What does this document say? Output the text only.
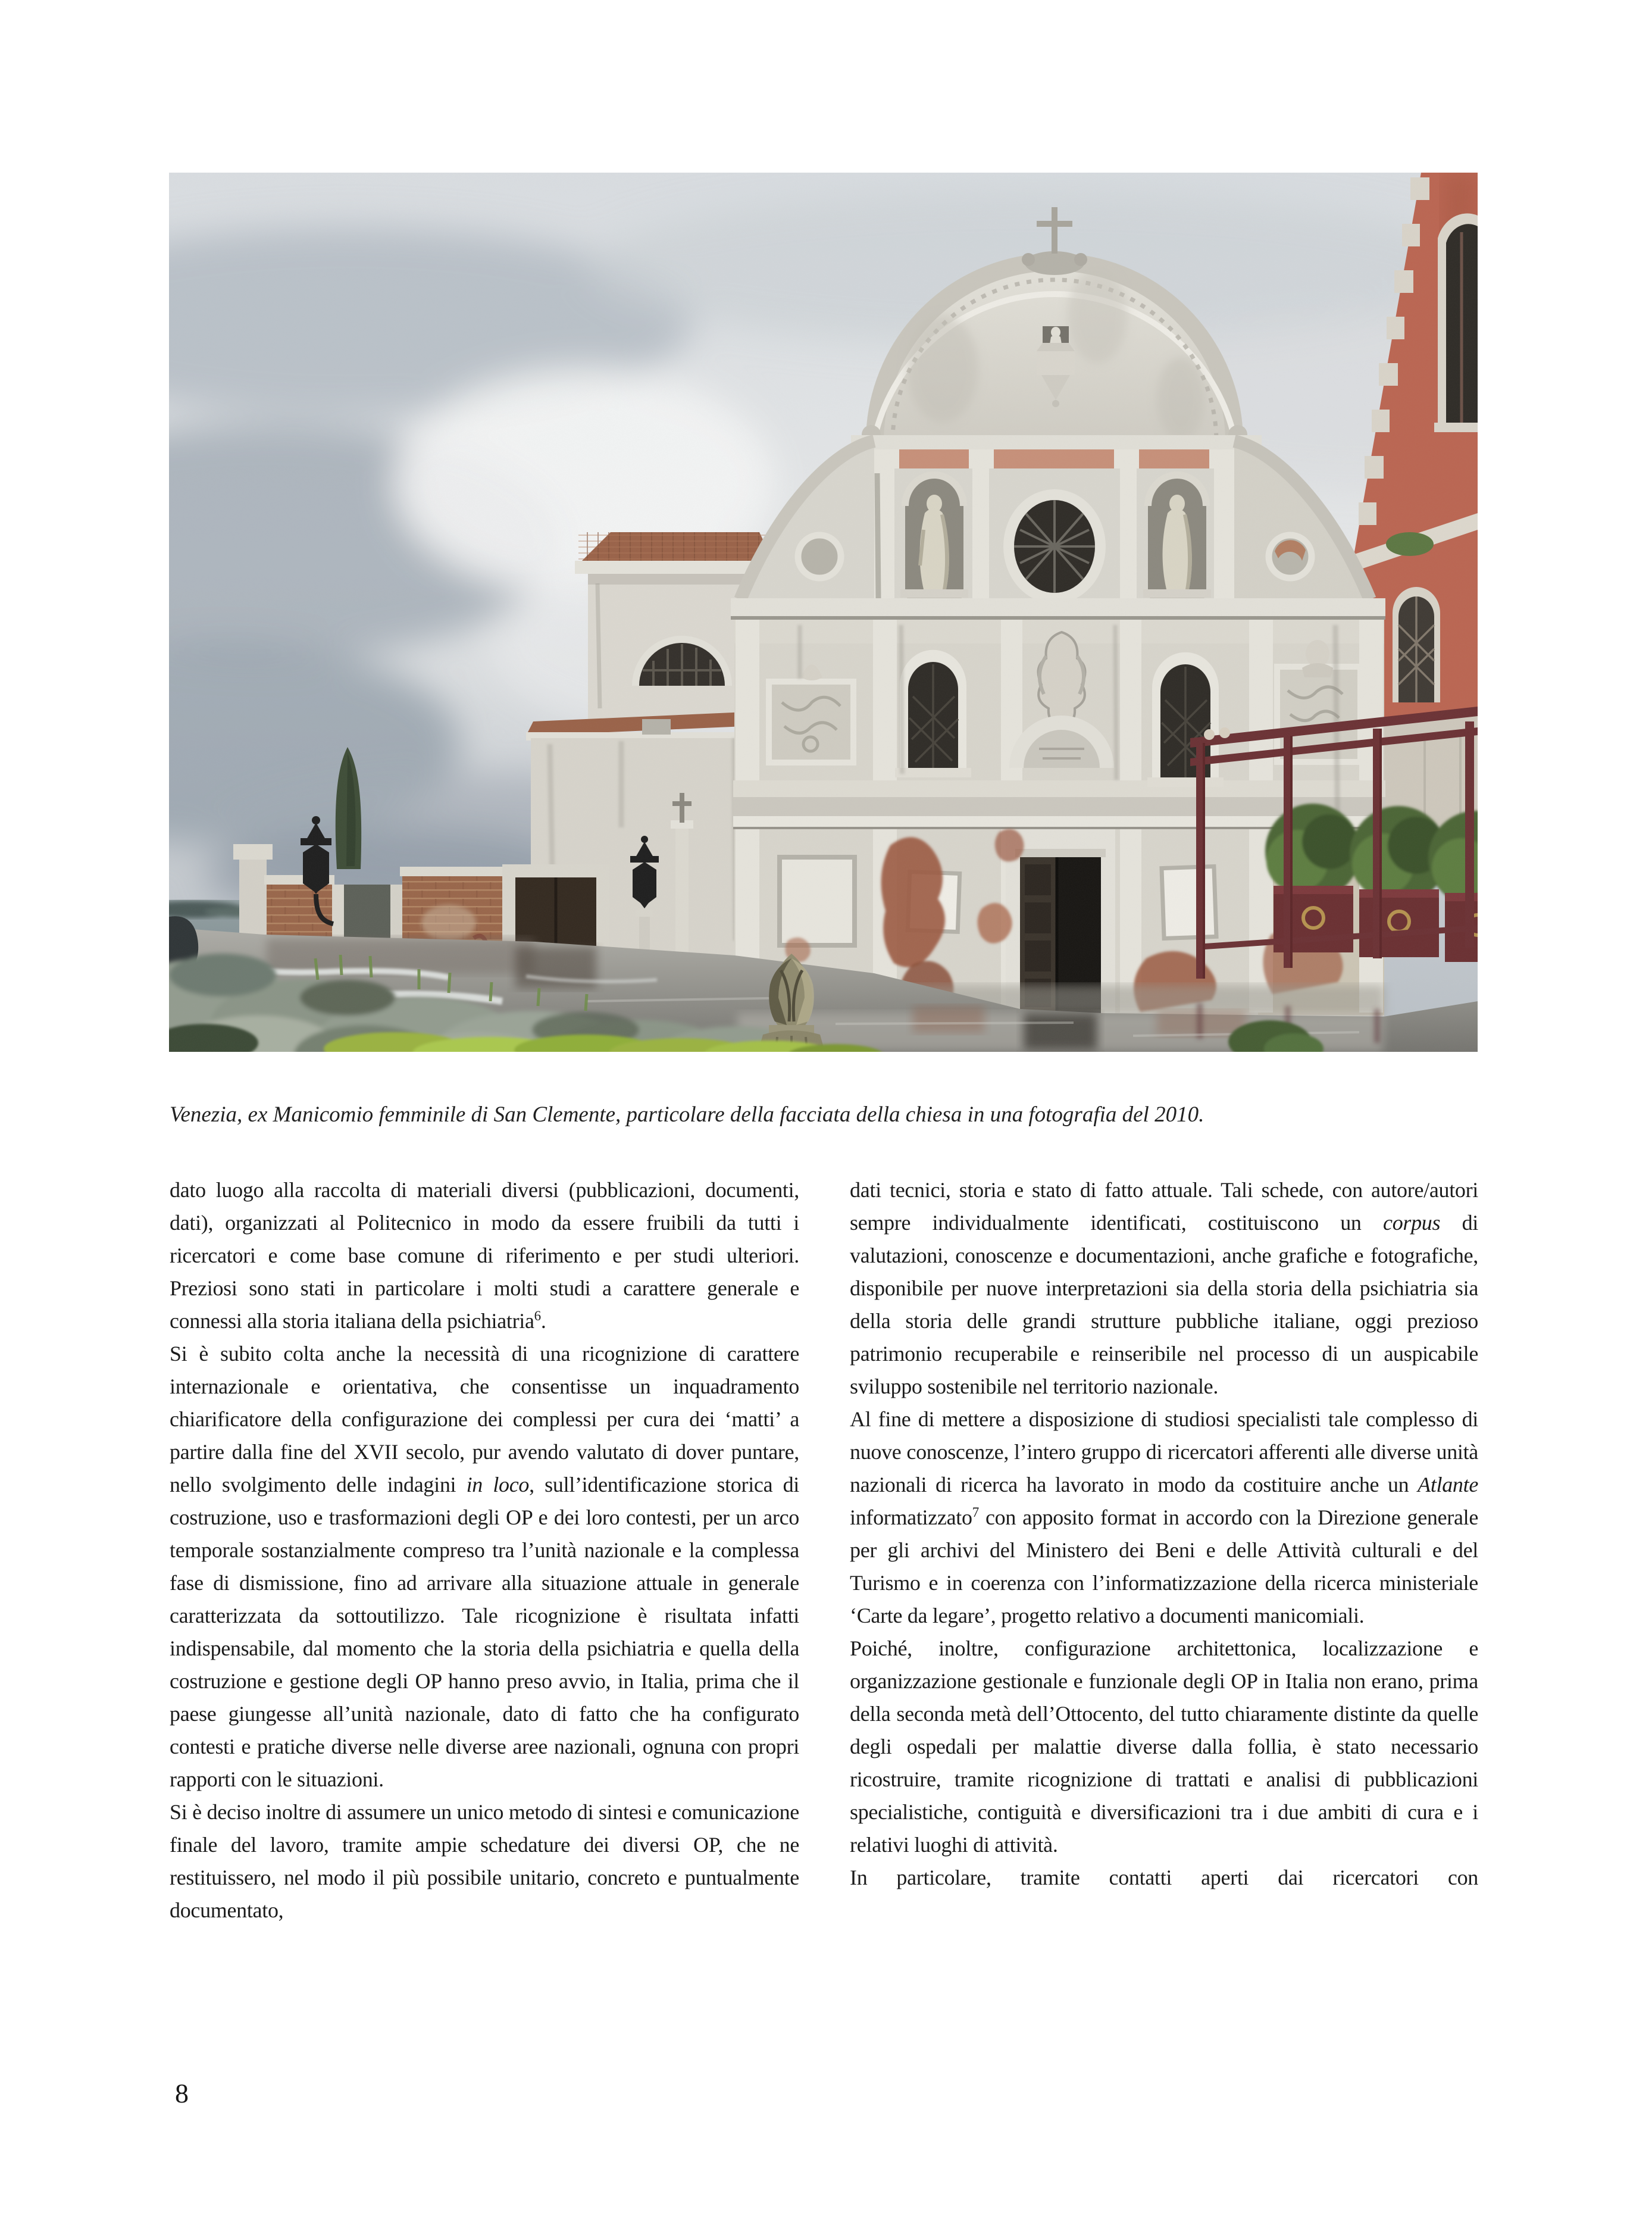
Venezia, ex Manicomio femminile di San Clemente, particolare della facciata della chiesa in una fotografia del 2010.

dato luogo alla raccolta di materiali diversi (pubblicazioni, documenti, dati), organizzati al Politecnico in modo da essere fruibili da tutti i ricercatori e come base comune di riferimento e per studi ulteriori. Preziosi sono stati in particolare i molti studi a carattere generale e connessi alla storia italiana della psichiatria$^6$.

Si è subito colta anche la necessità di una ricognizione di carattere internazionale e orientativa, che consentisse un inquadramento chiarificatore della configurazione dei complessi per cura dei ‘matti’ a partire dalla fine del XVII secolo, pur avendo valutato di dover puntare, nello svolgimento delle indagini in loco, sull’identificazione storica di costruzione, uso e trasformazioni degli OP e dei loro contesti, per un arco temporale sostanzialmente compreso tra l’unità nazionale e la complessa fase di dismissione, fino ad arrivare alla situazione attuale in generale caratterizzata da sottoutilizzo. Tale ricognizione è risultata infatti indispensabile, dal momento che la storia della psichiatria e quella della costruzione e gestione degli OP hanno preso avvio, in Italia, prima che il paese giungesse all’unità nazionale, dato di fatto che ha configurato contesti e pratiche diverse nelle diverse aree nazionali, ognuna con propri rapporti con le situazioni.

Si è deciso inoltre di assumere un unico metodo di sintesi e comunicazione finale del lavoro, tramite ampie schedature dei diversi OP, che ne restituissero, nel modo il più possibile unitario, concreto e puntualmente documentato,

dati tecnici, storia e stato di fatto attuale. Tali schede, con autore/autori sempre individualmente identificati, costituiscono un corpus di valutazioni, conoscenze e documentazioni, anche grafiche e fotografiche, disponibile per nuove interpretazioni sia della storia della psichiatria sia della storia delle grandi strutture pubbliche italiane, oggi prezioso patrimonio recuperabile e reinseribile nel processo di un auspicabile sviluppo sostenibile nel territorio nazionale.

Al fine di mettere a disposizione di studiosi specialisti tale complesso di nuove conoscenze, l’intero gruppo di ricercatori afferenti alle diverse unità nazionali di ricerca ha lavorato in modo da costituire anche un Atlante informatizzato$^7$ con apposito format in accordo con la Direzione generale per gli archivi del Ministero dei Beni e delle Attività culturali e del Turismo e in coerenza con l’informatizzazione della ricerca ministeriale ‘Carte da legare’, progetto relativo a documenti manicomiali.

Poiché, inoltre, configurazione architettonica, localizzazione e organizzazione gestionale e funzionale degli OP in Italia non erano, prima della seconda metà dell’Ottocento, del tutto chiaramente distinte da quelle degli ospedali per malattie diverse dalla follia, è stato necessario ricostruire, tramite ricognizione di trattati e analisi di pubblicazioni specialistiche, contiguità e diversificazioni tra i due ambiti di cura e i relativi luoghi di attività.

In particolare, tramite contatti aperti dai ricercatori con

8
